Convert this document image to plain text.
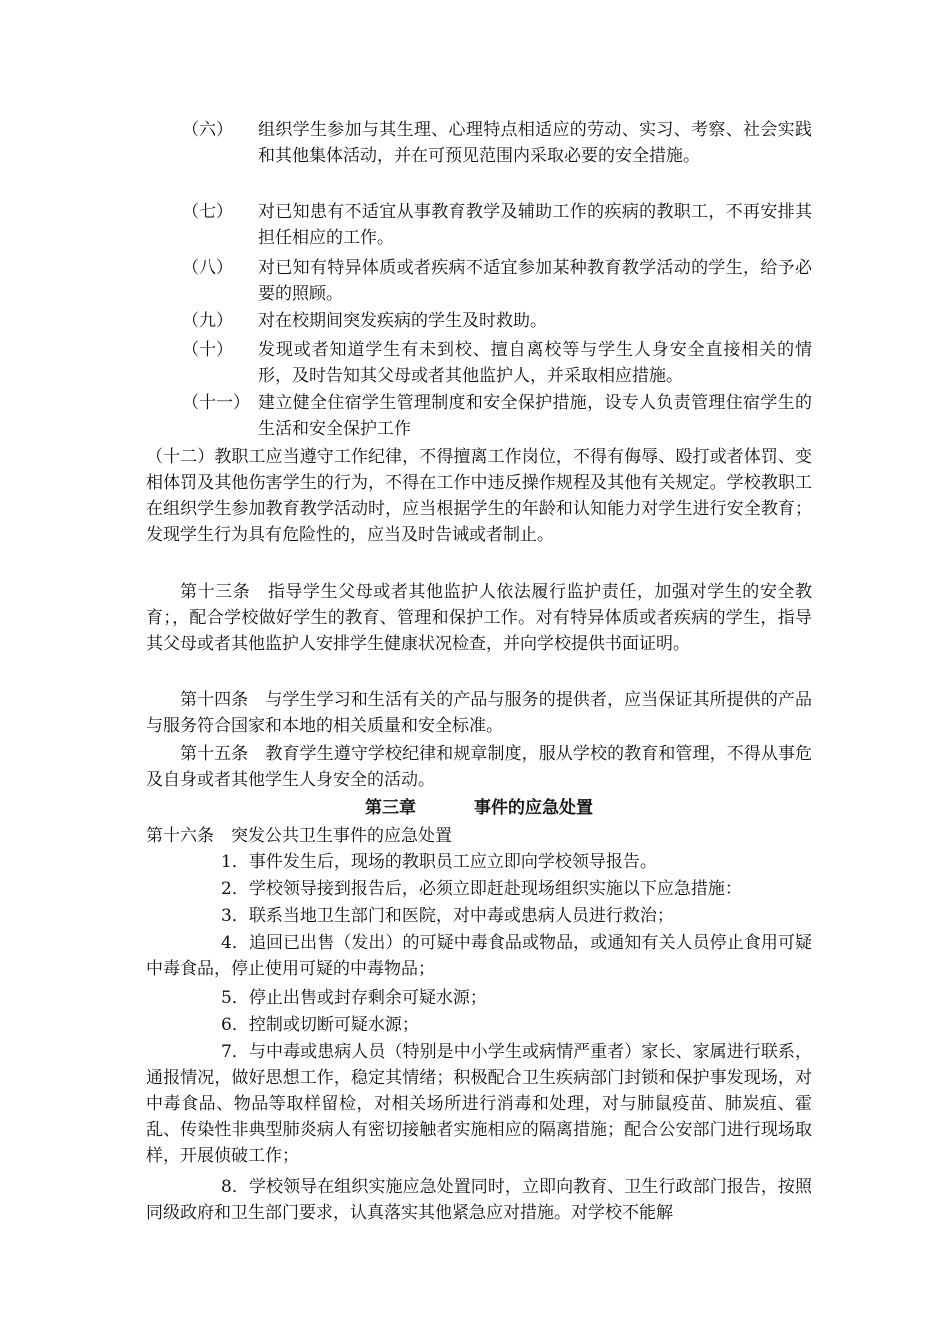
（六） 组织学生参加与其生理、心理特点相适应的劳动、实习、考察、社会实践和其他集体活动，并在可预见范围内采取必要的安全措施。
（七） 对已知患有不适宜从事教育教学及辅助工作的疾病的教职工，不再安排其担任相应的工作。
（八） 对已知有特异体质或者疾病不适宜参加某种教育教学活动的学生，给予必要的照顾。
（九） 对在校期间突发疾病的学生及时救助。
（十） 发现或者知道学生有未到校、擅自离校等与学生人身安全直接相关的情形，及时告知其父母或者其他监护人，并采取相应措施。
（十一） 建立健全住宿学生管理制度和安全保护措施，设专人负责管理住宿学生的生活和安全保护工作
（十二）教职工应当遵守工作纪律，不得擅离工作岗位，不得有侮辱、殴打或者体罚、变相体罚及其他伤害学生的行为，不得在工作中违反操作规程及其他有关规定。学校教职工在组织学生参加教育教学活动时，应当根据学生的年龄和认知能力对学生进行安全教育；发现学生行为具有危险性的，应当及时告诫或者制止。
第十三条　指导学生父母或者其他监护人依法履行监护责任，加强对学生的安全教育；，配合学校做好学生的教育、管理和保护工作。对有特异体质或者疾病的学生，指导其父母或者其他监护人安排学生健康状况检查，并向学校提供书面证明。
第十四条　与学生学习和生活有关的产品与服务的提供者，应当保证其所提供的产品与服务符合国家和本地的相关质量和安全标准。
第十五条　教育学生遵守学校纪律和规章制度，服从学校的教育和管理，不得从事危及自身或者其他学生人身安全的活动。
第三章	事件的应急处置
第十六条　突发公共卫生事件的应急处置
1．事件发生后，现场的教职员工应立即向学校领导报告。
2．学校领导接到报告后，必须立即赶赴现场组织实施以下应急措施：
3．联系当地卫生部门和医院，对中毒或患病人员进行救治；
4．追回已出售（发出）的可疑中毒食品或物品，或通知有关人员停止食用可疑中毒食品，停止使用可疑的中毒物品；
5．停止出售或封存剩余可疑水源；
6．控制或切断可疑水源；
7．与中毒或患病人员（特别是中小学生或病情严重者）家长、家属进行联系，通报情况，做好思想工作，稳定其情绪；积极配合卫生疾病部门封锁和保护事发现场，对中毒食品、物品等取样留检，对相关场所进行消毒和处理，对与肺鼠疫苗、肺炭疽、霍乱、传染性非典型肺炎病人有密切接触者实施相应的隔离措施；配合公安部门进行现场取样，开展侦破工作；
8．学校领导在组织实施应急处置同时，立即向教育、卫生行政部门报告，按照同级政府和卫生部门要求，认真落实其他紧急应对措施。对学校不能解
